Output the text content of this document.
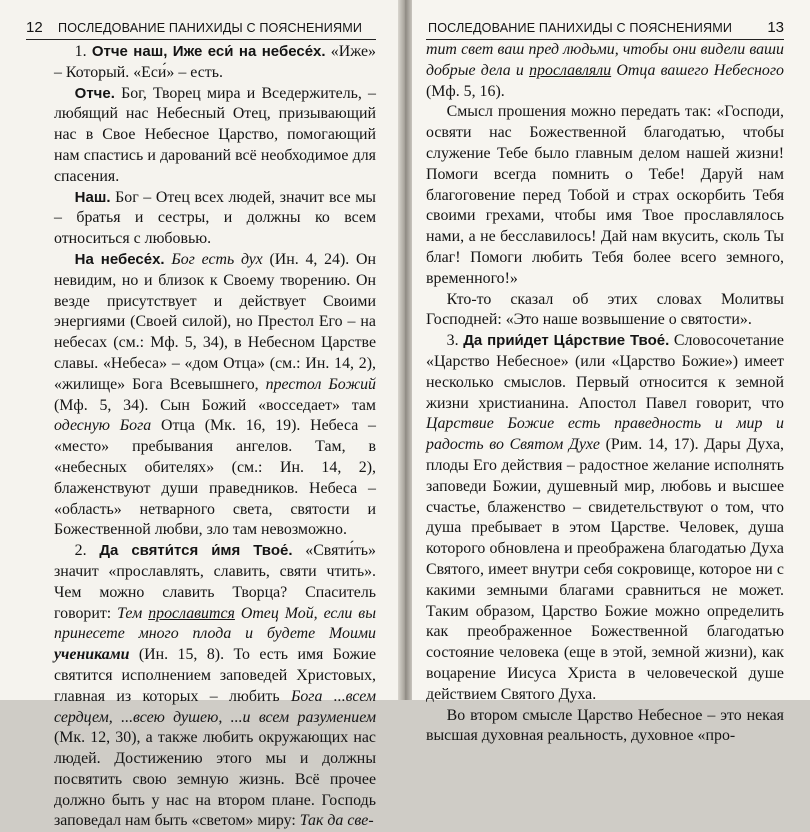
12 ПОСЛЕДОВАНИЕ ПАНИХИДЫ С ПОЯСНЕНИЯМИ

1. Отче наш, Иже еси́ на небесе́х. «Иже» – Который. «Еси́» – есть.

Отче. Бог, Творец мира и Вседержитель, – любящий нас Небесный Отец, призывающий нас в Свое Небесное Царство, помогающий нам спастись и дарований всё необходимое для спасения.

Наш. Бог – Отец всех людей, значит все мы – братья и сестры, и должны ко всем относиться с любовью.

На небесе́х. Бог есть дух (Ин. 4, 24). Он невидим, но и близок к Своему творению. Он везде присутствует и действует Своими энергиями (Своей силой), но Престол Его – на небесах (см.: Мф. 5, 34), в Небесном Царстве славы. «Небеса» – «дом Отца» (см.: Ин. 14, 2), «жилище» Бога Всевышнего, престол Божий (Мф. 5, 34). Сын Божий «восседает» там одесную Бога Отца (Мк. 16, 19). Небеса – «место» пребывания ангелов. Там, в «небесных обителях» (см.: Ин. 14, 2), блаженствуют души праведников. Небеса – «область» нетварного света, святости и Божественной любви, зло там невозможно.

2. Да святи́тся и́мя Твое́. «Святи́ть» значит «прославлять, славить, святи чтить». Чем можно славить Творца? Спаситель говорит: Тем прославится Отец Мой, если вы принесете много плода и будете Моими учениками (Ин. 15, 8). То есть имя Божие святится исполнением заповедей Христовых, главная из которых – любить Бога ...всем сердцем, ...всею душею, ...и всем разумением (Мк. 12, 30), а также любить окружающих нас людей. Достижению этого мы и должны посвятить свою земную жизнь. Всё прочее должно быть у нас на втором плане. Господь заповедал нам быть «светом» миру: Так да све-

ПОСЛЕДОВАНИЕ ПАНИХИДЫ С ПОЯСНЕНИЯМИ 13

тит свет ваш пред людьми, чтобы они видели ваши добрые дела и прославляли Отца вашего Небесного (Мф. 5, 16).

Смысл прошения можно передать так: «Господи, освяти нас Божественной благодатью, чтобы служение Тебе было главным делом нашей жизни! Помоги всегда помнить о Тебе! Даруй нам благоговение перед Тобой и страх оскорбить Тебя своими грехами, чтобы имя Твое прославлялось нами, а не бесславилось! Дай нам вкусить, сколь Ты благ! Помоги любить Тебя более всего земного, временного!»

Кто-то сказал об этих словах Молитвы Господней: «Это наше возвышение о святости».

3. Да прии́дет Ца́рствие Твое́. Словосочетание «Царство Небесное» (или «Царство Божие») имеет несколько смыслов. Первый относится к земной жизни христианина. Апостол Павел говорит, что Царствие Божие есть праведность и мир и радость во Святом Духе (Рим. 14, 17). Дары Духа, плоды Его действия – радостное желание исполнять заповеди Божии, душевный мир, любовь и высшее счастье, блаженство – свидетельствуют о том, что душа пребывает в этом Царстве. Человек, душа которого обновлена и преображена благодатью Духа Святого, имеет внутри себя сокровище, которое ни с какими земными благами сравниться не может. Таким образом, Царство Божие можно определить как преображенное Божественной благодатью состояние человека (еще в этой, земной жизни), как воцарение Иисуса Христа в человеческой душе действием Святого Духа.

Во втором смысле Царство Небесное – это некая высшая духовная реальность, духовное «про-
